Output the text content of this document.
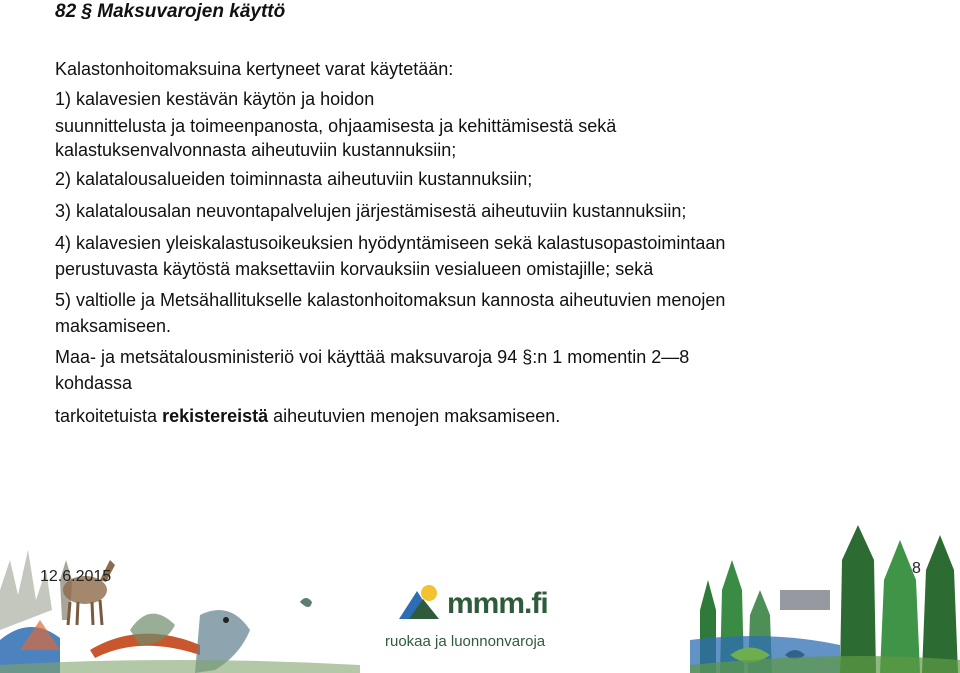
82 § Maksuvarojen käyttö

Kalastonhoitomaksuina kertyneet varat käytetään:

1) kalavesien kestävän käytön ja hoidon

suunnittelusta ja toimeenpanosta, ohjaamisesta ja kehittämisestä sekä

kalastuksenvalvonnasta aiheutuviin kustannuksiin;

2) kalatalousalueiden toiminnasta aiheutuviin kustannuksiin;

3) kalatalousalan neuvontapalvelujen järjestämisestä aiheutuviin kustannuksiin;

4) kalavesien yleiskalastusoikeuksien hyödyntämiseen sekä kalastusopastoimintaan

perustuvasta käytöstä maksettaviin korvauksiin vesialueen omistajille; sekä

5) valtiolle ja Metsähallitukselle kalastonhoitomaksun kannosta aiheutuvien menojen

maksamiseen.

Maa- ja metsätalousministeriö voi käyttää maksuvaroja 94 §:n 1 momentin 2—8

kohdassa

tarkoitetuista rekistereistä aiheutuvien menojen maksamiseen.

12.6.2015	8
mmm.fi
ruokaa ja luonnonvaroja
